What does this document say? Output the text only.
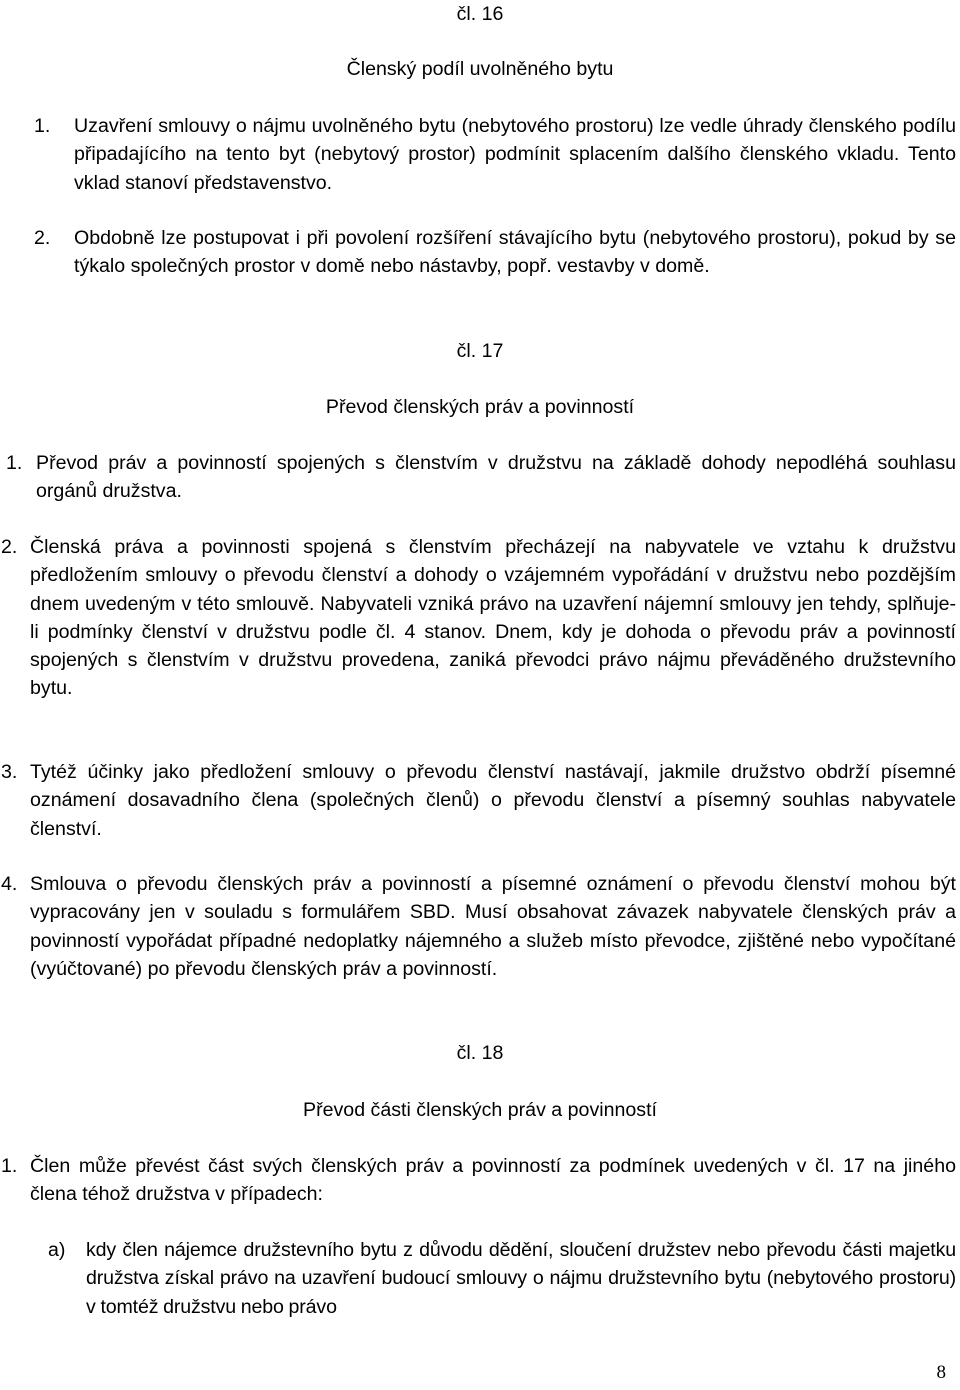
čl. 16
Členský podíl uvolněného bytu
1. Uzavření smlouvy o nájmu uvolněného bytu (nebytového prostoru) lze vedle úhrady členského podílu připadajícího na tento byt (nebytový prostor) podmínit splacením dalšího členského vkladu. Tento vklad stanoví představenstvo.
2. Obdobně lze postupovat i při povolení rozšíření stávajícího bytu (nebytového prostoru), pokud by se týkalo společných prostor v domě nebo nástavby, popř. vestavby v domě.
čl. 17
Převod členských práv a povinností
1. Převod práv a povinností spojených s členstvím v družstvu na základě dohody nepodléhá souhlasu orgánů družstva.
2. Členská práva a povinnosti spojená s členstvím přecházejí na nabyvatele ve vztahu k družstvu předložením smlouvy o převodu členství a dohody o vzájemném vypořádání v družstvu nebo pozdějším dnem uvedeným v této smlouvě. Nabyvateli vzniká právo na uzavření nájemní smlouvy jen tehdy, splňuje-li podmínky členství v družstvu podle čl. 4 stanov. Dnem, kdy je dohoda o převodu práv a povinností spojených s členstvím v družstvu provedena, zaniká převodci právo nájmu převáděného družstevního bytu.
3. Tytéž účinky jako předložení smlouvy o převodu členství nastávají, jakmile družstvo obdrží písemné oznámení dosavadního člena (společných členů) o převodu členství a písemný souhlas nabyvatele členství.
4. Smlouva o převodu členských práv a povinností a písemné oznámení o převodu členství mohou být vypracovány jen v souladu s formulářem SBD. Musí obsahovat závazek nabyvatele členských práv a povinností vypořádat případné nedoplatky nájemného a služeb místo převodce, zjištěné nebo vypočítané (vyúčtované) po převodu členských práv a povinností.
čl. 18
Převod části členských práv a povinností
1. Člen může převést část svých členských práv a povinností za podmínek uvedených v čl. 17 na jiného člena téhož družstva v případech:
a) kdy člen nájemce družstevního bytu z důvodu dědění, sloučení družstev nebo převodu části majetku družstva získal právo na uzavření budoucí smlouvy o nájmu družstevního bytu (nebytového prostoru) v tomtéž družstvu nebo právo
8
